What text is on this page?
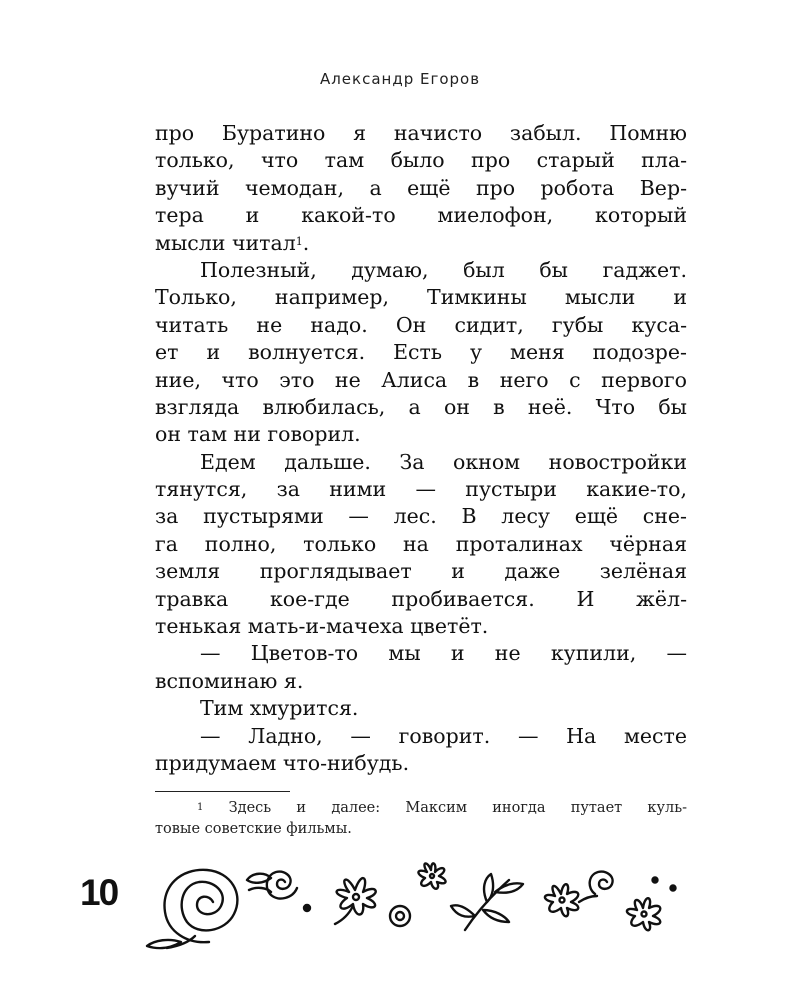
Александр Егоров
про Буратино я начисто забыл. Помню
только, что там было про старый пла-
вучий чемодан, а ещё про робота Вер-
тера и какой-то миелофон, который
мысли читал$^1$.
Полезный, думаю, был бы гаджет.
Только, например, Тимкины мысли и
читать не надо. Он сидит, губы куса-
ет и волнуется. Есть у меня подозре-
ние, что это не Алиса в него с первого
взгляда влюбилась, а он в неё. Что бы
он там ни говорил.
Едем дальше. За окном новостройки
тянутся, за ними — пустыри какие-то,
за пустырями — лес. В лесу ещё сне-
га полно, только на проталинах чёрная
земля проглядывает и даже зелёная
травка кое-где пробивается. И жёл-
тенькая мать-и-мачеха цветёт.
— Цветов-то мы и не купили, —
вспоминаю я.
Тим хмурится.
— Ладно, — говорит. — На месте
придумаем что-нибудь.
$^1$ Здесь и далее: Максим иногда путает куль-
товые советские фильмы.
10
